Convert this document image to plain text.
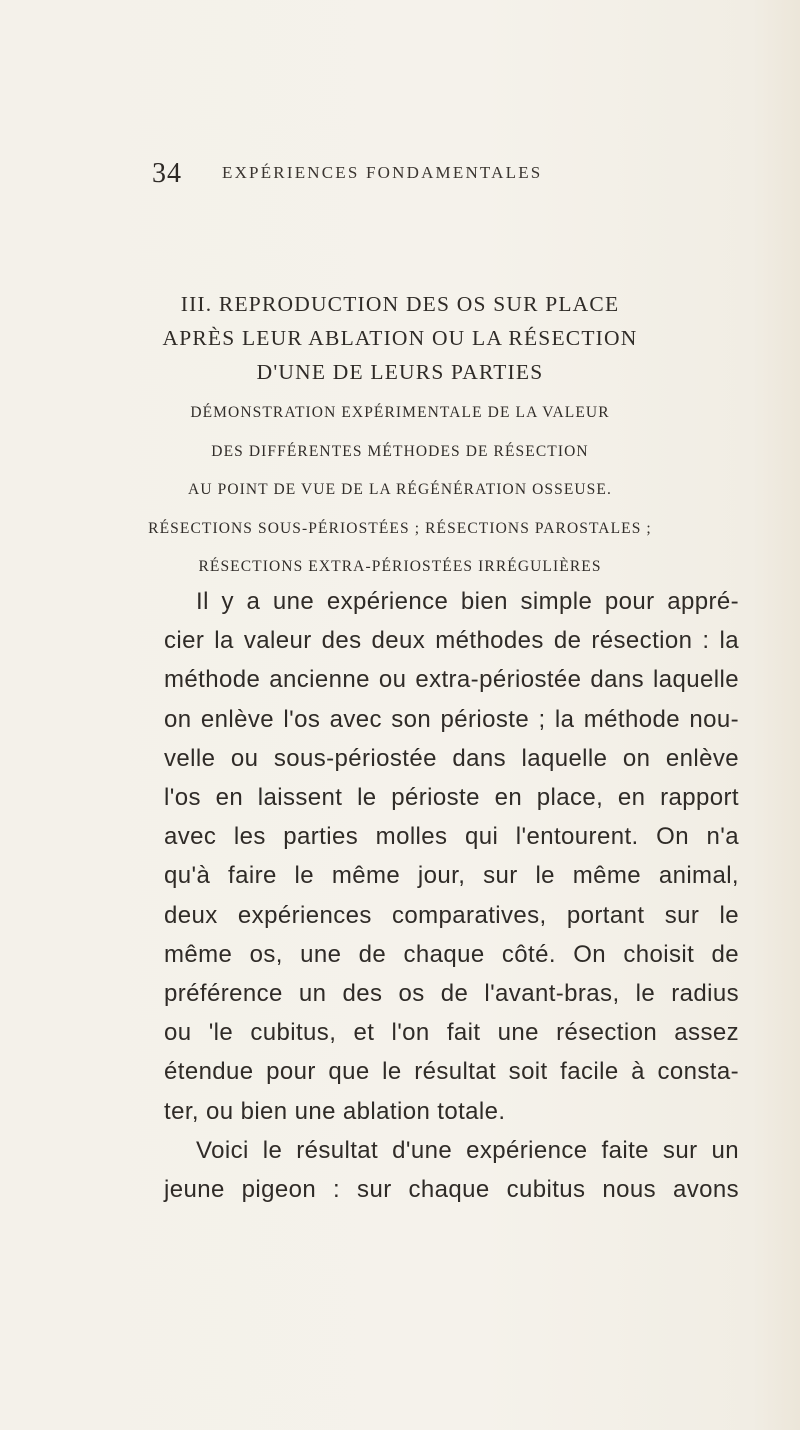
34 EXPÉRIENCES FONDAMENTALES
III. REPRODUCTION DES OS SUR PLACE
APRÈS LEUR ABLATION OU LA RÉSECTION
D'UNE DE LEURS PARTIES
DÉMONSTRATION EXPÉRIMENTALE DE LA VALEUR
DES DIFFÉRENTES MÉTHODES DE RÉSECTION
AU POINT DE VUE DE LA RÉGÉNÉRATION OSSEUSE.
RÉSECTIONS SOUS-PÉRIOSTÉES ; RÉSECTIONS PAROSTALES ;
RÉSECTIONS EXTRA-PÉRIOSTÉES IRRÉGULIÈRES
Il y a une expérience bien simple pour appré-
cier la valeur des deux méthodes de résection : la
méthode ancienne ou extra-périostée dans laquelle
on enlève l'os avec son périoste ; la méthode nou-
velle ou sous-périostée dans laquelle on enlève
l'os en laissent le périoste en place, en rapport
avec les parties molles qui l'entourent. On n'a
qu'à faire le même jour, sur le même animal,
deux expériences comparatives, portant sur le
même os, une de chaque côté. On choisit de
préférence un des os de l'avant-bras, le radius
ou 'le cubitus, et l'on fait une résection assez
étendue pour que le résultat soit facile à consta-
ter, ou bien une ablation totale.
Voici le résultat d'une expérience faite sur un
jeune pigeon : sur chaque cubitus nous avons
